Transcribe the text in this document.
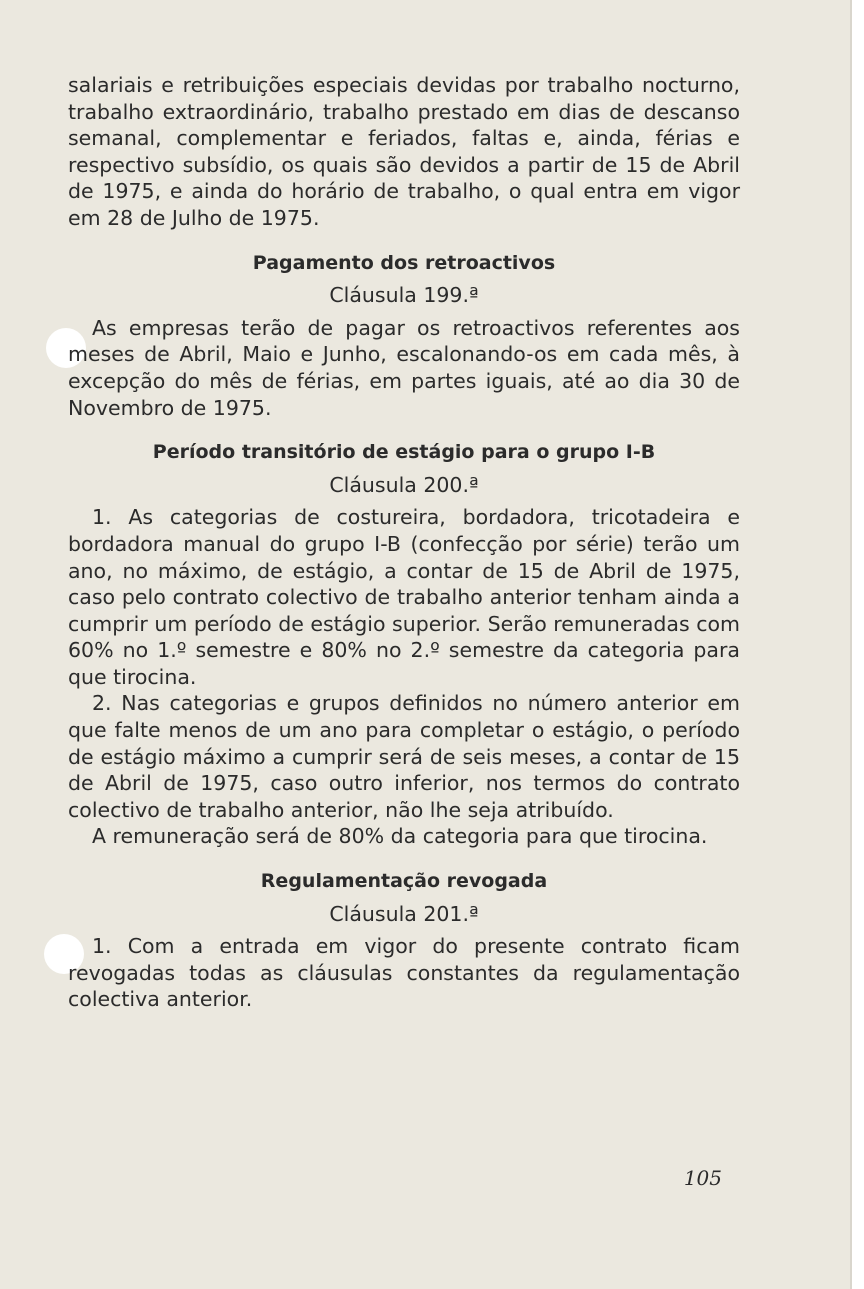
salariais e retribuições especiais devidas por trabalho nocturno, trabalho extraordinário, trabalho prestado em dias de descanso semanal, complementar e feriados, faltas e, ainda, férias e respectivo subsídio, os quais são devidos a partir de 15 de Abril de 1975, e ainda do horário de trabalho, o qual entra em vigor em 28 de Julho de 1975.

Pagamento dos retroactivos
Cláusula 199.ª

As empresas terão de pagar os retroactivos referentes aos meses de Abril, Maio e Junho, escalonando-os em cada mês, à excepção do mês de férias, em partes iguais, até ao dia 30 de Novembro de 1975.

Período transitório de estágio para o grupo I-B
Cláusula 200.ª

1. As categorias de costureira, bordadora, tricotadeira e bordadora manual do grupo I-B (confecção por série) terão um ano, no máximo, de estágio, a contar de 15 de Abril de 1975, caso pelo contrato colectivo de trabalho anterior tenham ainda a cumprir um período de estágio superior. Serão remuneradas com 60% no 1.º semestre e 80% no 2.º semestre da categoria para que tirocina.

2. Nas categorias e grupos definidos no número anterior em que falte menos de um ano para completar o estágio, o período de estágio máximo a cumprir será de seis meses, a contar de 15 de Abril de 1975, caso outro inferior, nos termos do contrato colectivo de trabalho anterior, não lhe seja atribuído.

A remuneração será de 80% da categoria para que tirocina.

Regulamentação revogada
Cláusula 201.ª

1. Com a entrada em vigor do presente contrato ficam revogadas todas as cláusulas constantes da regulamentação colectiva anterior.

105
